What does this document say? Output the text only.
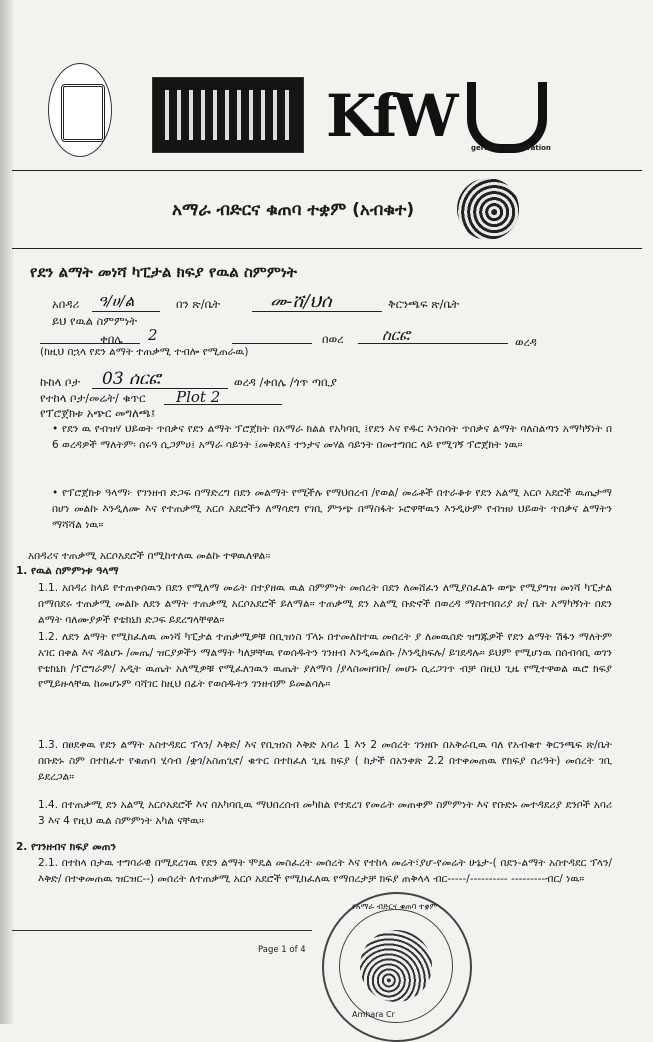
KfW german cooperation
አማራ ብድርና ቁጠባ ተቋም (አብቁተ)
የደን ልማት መነሻ ካፒታል ክፍያ የዉል ስምምነት
አበዳሪ ዓ/ሀ/ል	በን ጽ/ቤት	መ-ሸ/ህሰ	ቅርንጫፍ ጽ/ቤት
ይህ የዉል ስምምነት
ቀበሌ 2	በወረ	ስርፎ	ወረዳ
(ከዚህ በኋላ የደን ልማት ተጠቃሚ ተብሎ የሚጠራዉ)
ኩከላ ቦታ 03 ሰርፎ	ወረዳ /ቀበሌ /ጎጥ ጣቢያ
የተከላ ቦታ/መሬት/ ቁጥር Plot 2
የፕሮጀክቱ አጭር መግለጫ፤
• የደን ዉ የብዝሃ ህይወት ጥበቃና የደን ልማት ፕሮጀክት በአማራ ክልል የአካባቢ ፤የደን እና የዱር እንስሳት ጥበቃና ልማት ባለስልጣን አማካኝነት በ 6 ወረዳዎች ማለትም፡ ሰሩዓ ሲጋምሀ፤ አማራ ሳይንት ፤መቅደላ፤ ተንታና መሃል ሳይንት በመተግበር ላይ የሚገኝ ፕሮጀክት ነዉ።
• የፕሮጀክቱ ዓላማ፦ የገንዘብ ድጋፍ በማድረግ በደን መልማት የሚችሉ የማህበረብ /የወል/ መሬቶች በተራቆቱ የደን አልሚ አርሶ አደሮች ዉጤታማ በሆነ መልኩ እንዲለሙ እና የተጠቃሚ አርሶ አደሮችን ለማሳደግ የገቢ ምንጭ በማስፋት ኑሮዋቸዉን እንዲሁም የብዝሀ ህይወት ጥበቃና ልማትን ማሻሻል ነዉ።
አበዳሪና ተጠቃሚ አርሶአደሮች በሚከተለዉ መልኩ ተዋዉለዋል፡፡
1. የዉል ስምምነቱ ዓላማ
1.1. አበዳሪ ከላይ የተጠቀሰዉን በደን የሚለማ መሬት በተያዘዉ ዉል ስምምነት መሰረት በደን ለመሸፈን ለሚያስፈልጉ ወጭ የሚያግዝ መነሻ ካፒታል በማበደሩ ተጠቃሚ መልኩ ለደን ልማት ተጠቃሚ አርሶአደሮች ይለማል። ተጠቃሚ ደን አልሚ ቡድኖች በወረዳ ማስተባበሪያ ጽ/ ቤት አማካኝነት በደን ልማት ባለሙያዎች የቴክኒክ ድጋፍ ይደረግላቸዋል።
1.2. ለደን ልማት የሚከፈለዉ መነሻ ካፒታል ተጠቃሚዎቹ በቢዝነስ ፕላኑ በተመለከተዉ መሰረት ያ ለመዉሰድ ዝግጁዎች የደን ልማት ሽፋን ማለትም አገር በቀል እና ዳልሆኑ /መጤ/ ዝርያዎችን ማልማት ካለቻቸዉ የወሰዱትን ገንዘብ እንዲመልሱ /እንዲከፍሉ/ ይገደዳሉ። ይህም የሚሆነዉ በሰብሳቢ ወገን የቴክኒክ /ፕሮግራም/ አዲት ዉጤት አለሚዎቹ የሚፈለገዉን ዉጤት ያለማሳ /ያላስመዘገቡ/ መሆኑ ሲረጋገጥ ብቻ በዚህ ጊዜ የሚተዋወል ዉሮ ክፍያ የሚይዙላቸዉ ከመሆኑም ባሻገር ከዚህ በፊት የወሰዱትን ገንዘብም ይመልሳሉ።
1.3. በፀደቀዉ የደን ልማት አስተዳደር ፕላን/ እቅድ/ እና የቢዝነስ እቅድ አባሪ 1 እን 2 መሰረት ገንዘቡ በአቅራቢዉ ባለ የአብቁተ ቅርንጫፍ ጽ/ቤት በቡድኑ ስም በተከፈተ የቁጠባ ሂሳብ /ቋጎ/አስጠጊኖ/ ቁጥር በተከፈለ ጊዜ ክፍያ ( ከታች በአንቀጽ 2.2 በተቀመጠዉ የክፍያ ሰሪዓት) መሰረት ገቢ ይደረጋል።
1.4. በተጠቃሚ ደን አልሚ አርሶአደሮች እና በአካባቢዉ ማህበረሰብ መካከል የተደረገ የመሬት መጠቀም ስምምነት እና የቡድኑ መተዳደሪያ ደንቦች አባሪ 3 እና 4 የዚህ ዉል ስምምነት አካል ናቸዉ።
2. የገንዘብና ክፍያ መጠን
2.1. በተከላ በታዉ ተግባራዊ በሚደረገዉ የደን ልማት ሞዴል መስፈረት መሰረት እና የተከላ መሬት፣ያሆ-የመሬት ሁኔታ-( በደን-ልማት አስተዳደር ፕላን/እቅድ/ በተቀመጠዉ ዝርዝር--) መሰረት ለተጠቃሚ አርሶ አደሮች የሚከፈለዉ የማበረታቻ ክፍያ ጠቅላላ ብር-----/---------- ---------ብር/ ነዉ።
Page 1 of 4
የአማራ ብድርና ቁጠባ ተቋም
Amhara Cr
